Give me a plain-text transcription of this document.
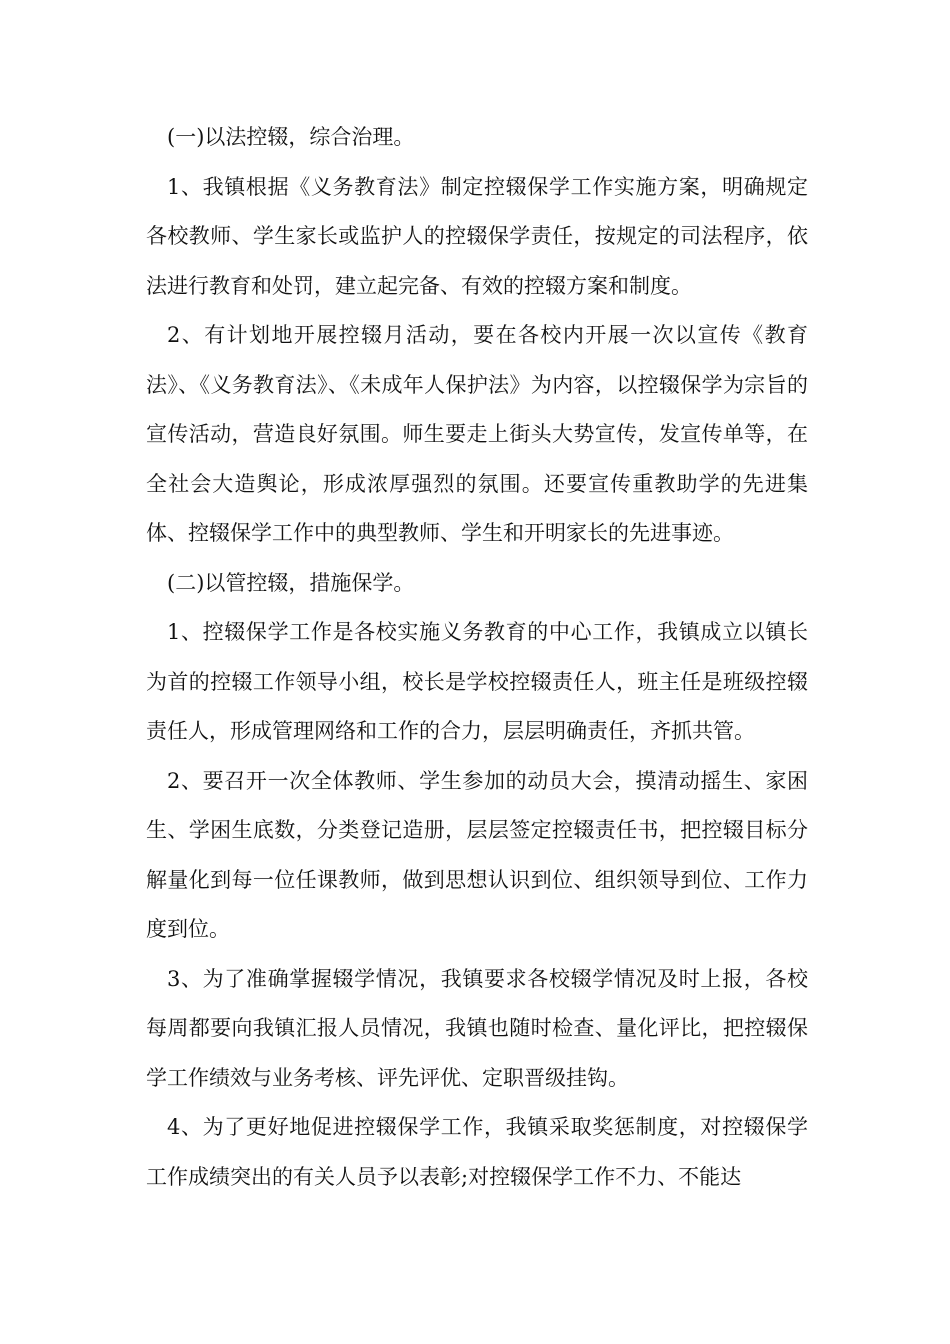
(一)以法控辍，综合治理。

1、我镇根据《义务教育法》制定控辍保学工作实施方案，明确规定各校教师、学生家长或监护人的控辍保学责任，按规定的司法程序，依法进行教育和处罚，建立起完备、有效的控辍方案和制度。

2、有计划地开展控辍月活动，要在各校内开展一次以宣传《教育法》、《义务教育法》、《未成年人保护法》为内容，以控辍保学为宗旨的宣传活动，营造良好氛围。师生要走上街头大势宣传，发宣传单等，在全社会大造舆论，形成浓厚强烈的氛围。还要宣传重教助学的先进集体、控辍保学工作中的典型教师、学生和开明家长的先进事迹。

(二)以管控辍，措施保学。

1、控辍保学工作是各校实施义务教育的中心工作，我镇成立以镇长为首的控辍工作领导小组，校长是学校控辍责任人，班主任是班级控辍责任人，形成管理网络和工作的合力，层层明确责任，齐抓共管。

2、要召开一次全体教师、学生参加的动员大会，摸清动摇生、家困生、学困生底数，分类登记造册，层层签定控辍责任书，把控辍目标分解量化到每一位任课教师，做到思想认识到位、组织领导到位、工作力度到位。

3、为了准确掌握辍学情况，我镇要求各校辍学情况及时上报，各校每周都要向我镇汇报人员情况，我镇也随时检查、量化评比，把控辍保学工作绩效与业务考核、评先评优、定职晋级挂钩。

4、为了更好地促进控辍保学工作，我镇采取奖惩制度，对控辍保学工作成绩突出的有关人员予以表彰;对控辍保学工作不力、不能达
